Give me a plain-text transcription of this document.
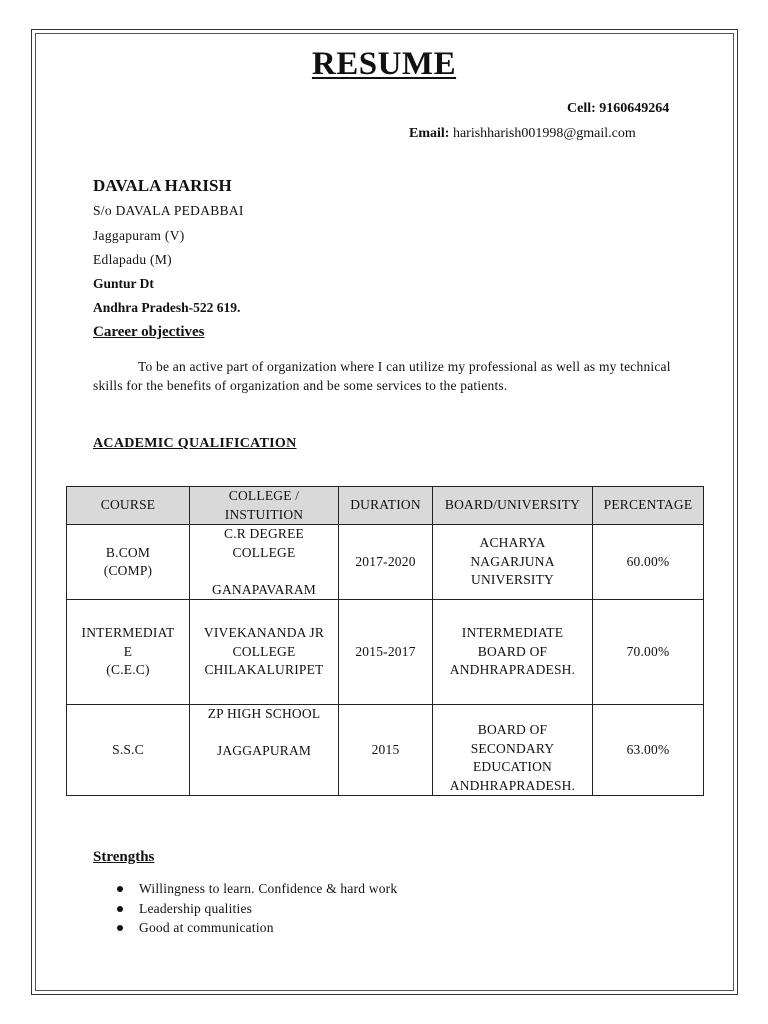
RESUME
Cell: 9160649264
Email: harishharish001998@gmail.com
DAVALA HARISH
S/o DAVALA PEDABBAI
Jaggapuram (V)
Edlapadu (M)
Guntur Dt
Andhra Pradesh-522 619.
Career objectives
To be an active part of organization where I can utilize my professional as well as my technical skills for the benefits of organization and be some services to the patients.
ACADEMIC QUALIFICATION
COURSE	COLLEGE / INSTUITION	DURATION	BOARD/UNIVERSITY	PERCENTAGE

B.COM
(COMP)	C.R DEGREE
COLLEGE
GANAPAVARAM	2017-2020	ACHARYA
NAGARJUNA
UNIVERSITY	60.00%

INTERMEDIAT
E
(C.E.C)	VIVEKANANDA JR
COLLEGE
CHILAKALURIPET	2015-2017	INTERMEDIATE
BOARD OF
ANDHRAPRADESH.	70.00%
S.S.C	ZP HIGH SCHOOL
JAGGAPURAM	2015	BOARD OF
SECONDARY
EDUCATION
ANDHRAPRADESH.	63.00%
Strengths
Willingness to learn. Confidence & hard work
Leadership qualities
Good at communication
